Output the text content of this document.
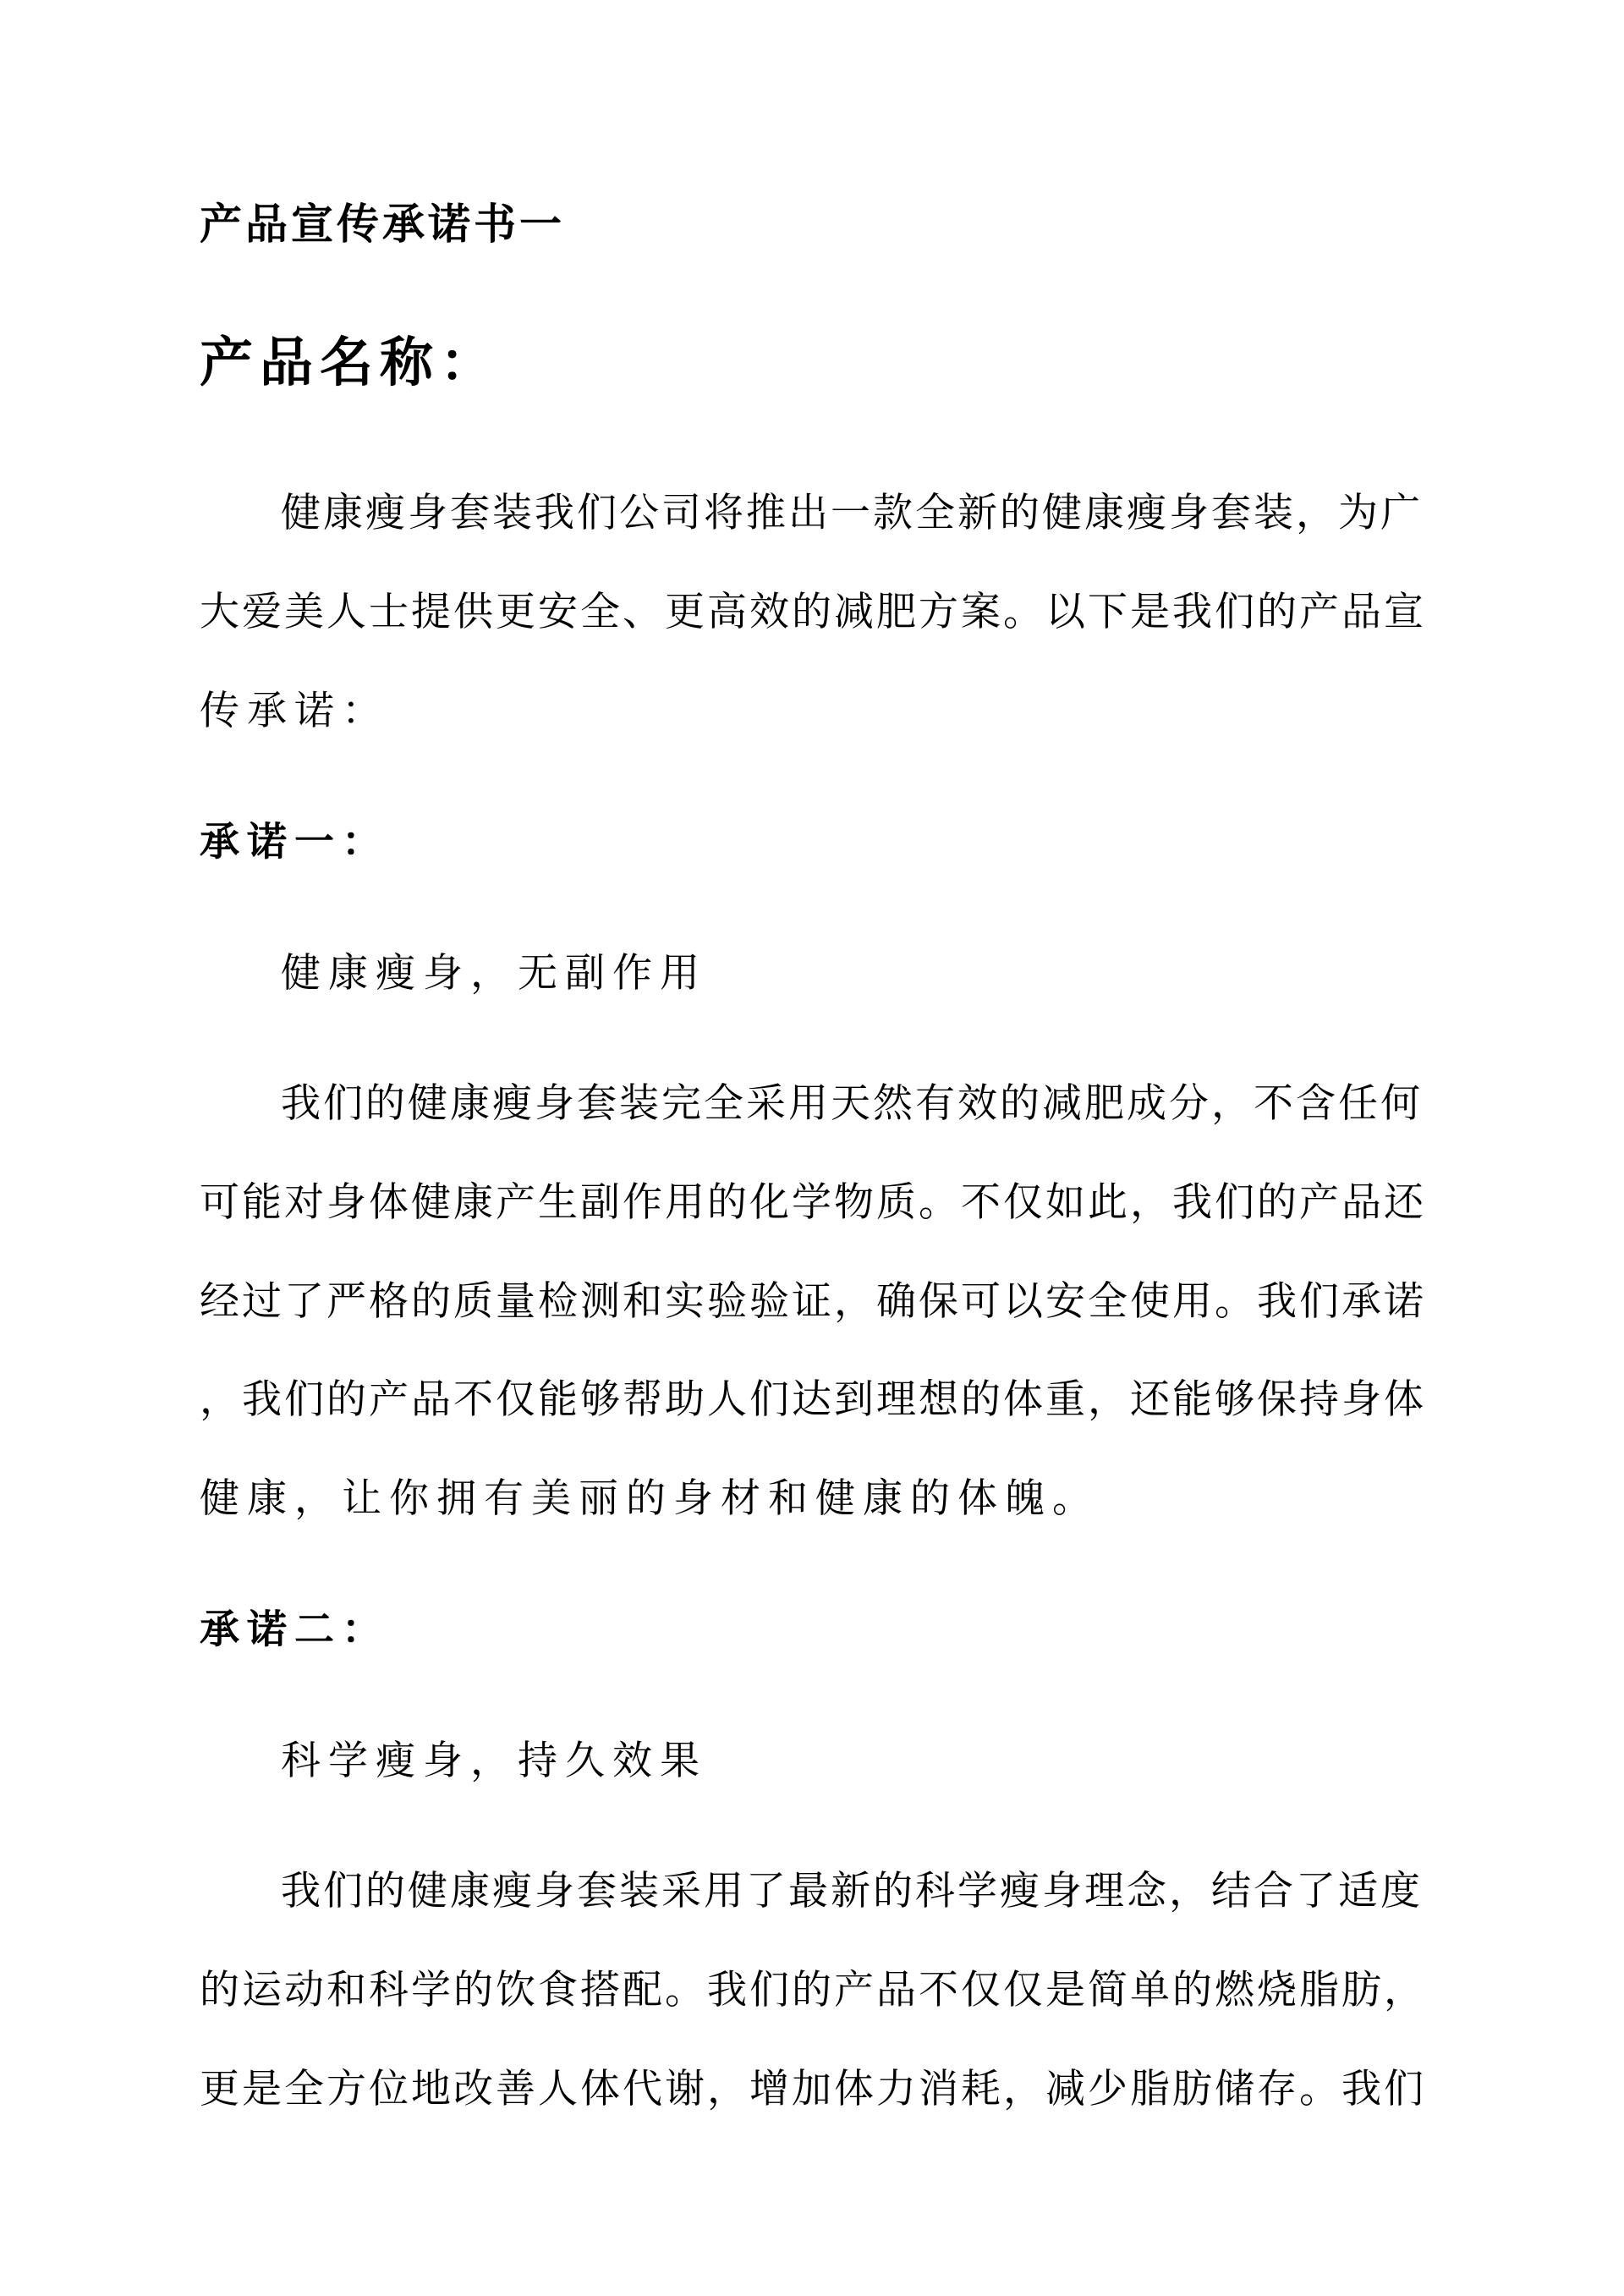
产品宣传承诺书一
产品名称：
健康瘦身套装我们公司将推出一款全新的健康瘦身套装，为广
大爱美人士提供更安全、更高效的减肥方案。以下是我们的产品宣
传承诺：
承诺一：
健康瘦身，无副作用
我们的健康瘦身套装完全采用天然有效的减肥成分，不含任何
可能对身体健康产生副作用的化学物质。不仅如此，我们的产品还
经过了严格的质量检测和实验验证，确保可以安全使用。我们承诺
，我们的产品不仅能够帮助人们达到理想的体重，还能够保持身体
健康，让你拥有美丽的身材和健康的体魄。
承诺二：
科学瘦身，持久效果
我们的健康瘦身套装采用了最新的科学瘦身理念，结合了适度
的运动和科学的饮食搭配。我们的产品不仅仅是简单的燃烧脂肪，
更是全方位地改善人体代谢，增加体力消耗，减少脂肪储存。我们
